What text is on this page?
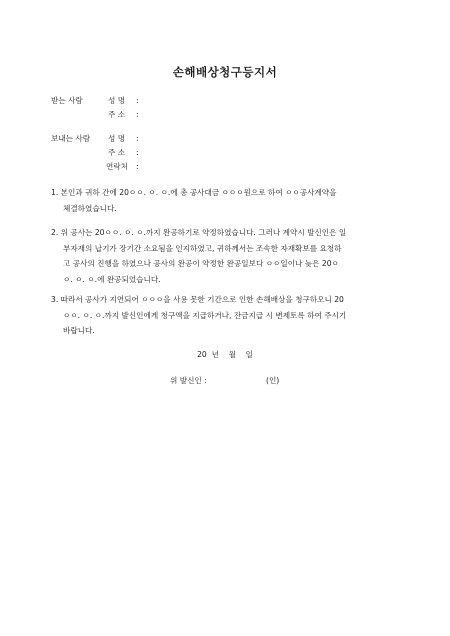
손해배상청구등지서
받는 사람	성 명 :
주 소 :
보내는 사람 성 명 :
주 소 :
연락처 :
1. 본인과 귀하 간에 20ㅇㅇ. ㅇ. ㅇ.에 총 공사대금 ㅇㅇㅇ원으로 하여 ㅇㅇ공사계약을
체결하였습니다.
2. 위 공사는 20ㅇㅇ. ㅇ. ㅇ.까지 완공하기로 약정하였습니다. 그러나 계약시 발신인은 일
부자재의 납기가 장기간 소요됨을 인지하였고, 귀하께서는 조속한 자재확보를 요청하
고 공사의 진행을 하였으나 공사의 완공이 약정한 완공일보다 ㅇㅇ일이나 늦은 20ㅇ
ㅇ. ㅇ. ㅇ.에 완공되었습니다.
3. 따라서 공사가 지연되어 ㅇㅇㅇ을 사용 못한 기간으로 인한 손해배상을 청구하오니 20
ㅇㅇ. ㅇ. ㅇ.까지 발신인에게 청구액을 지급하거나, 잔금지급 시 변제토록 하여 주시기
바랍니다.
20  년    월    일
위 발신인 :	(인)
